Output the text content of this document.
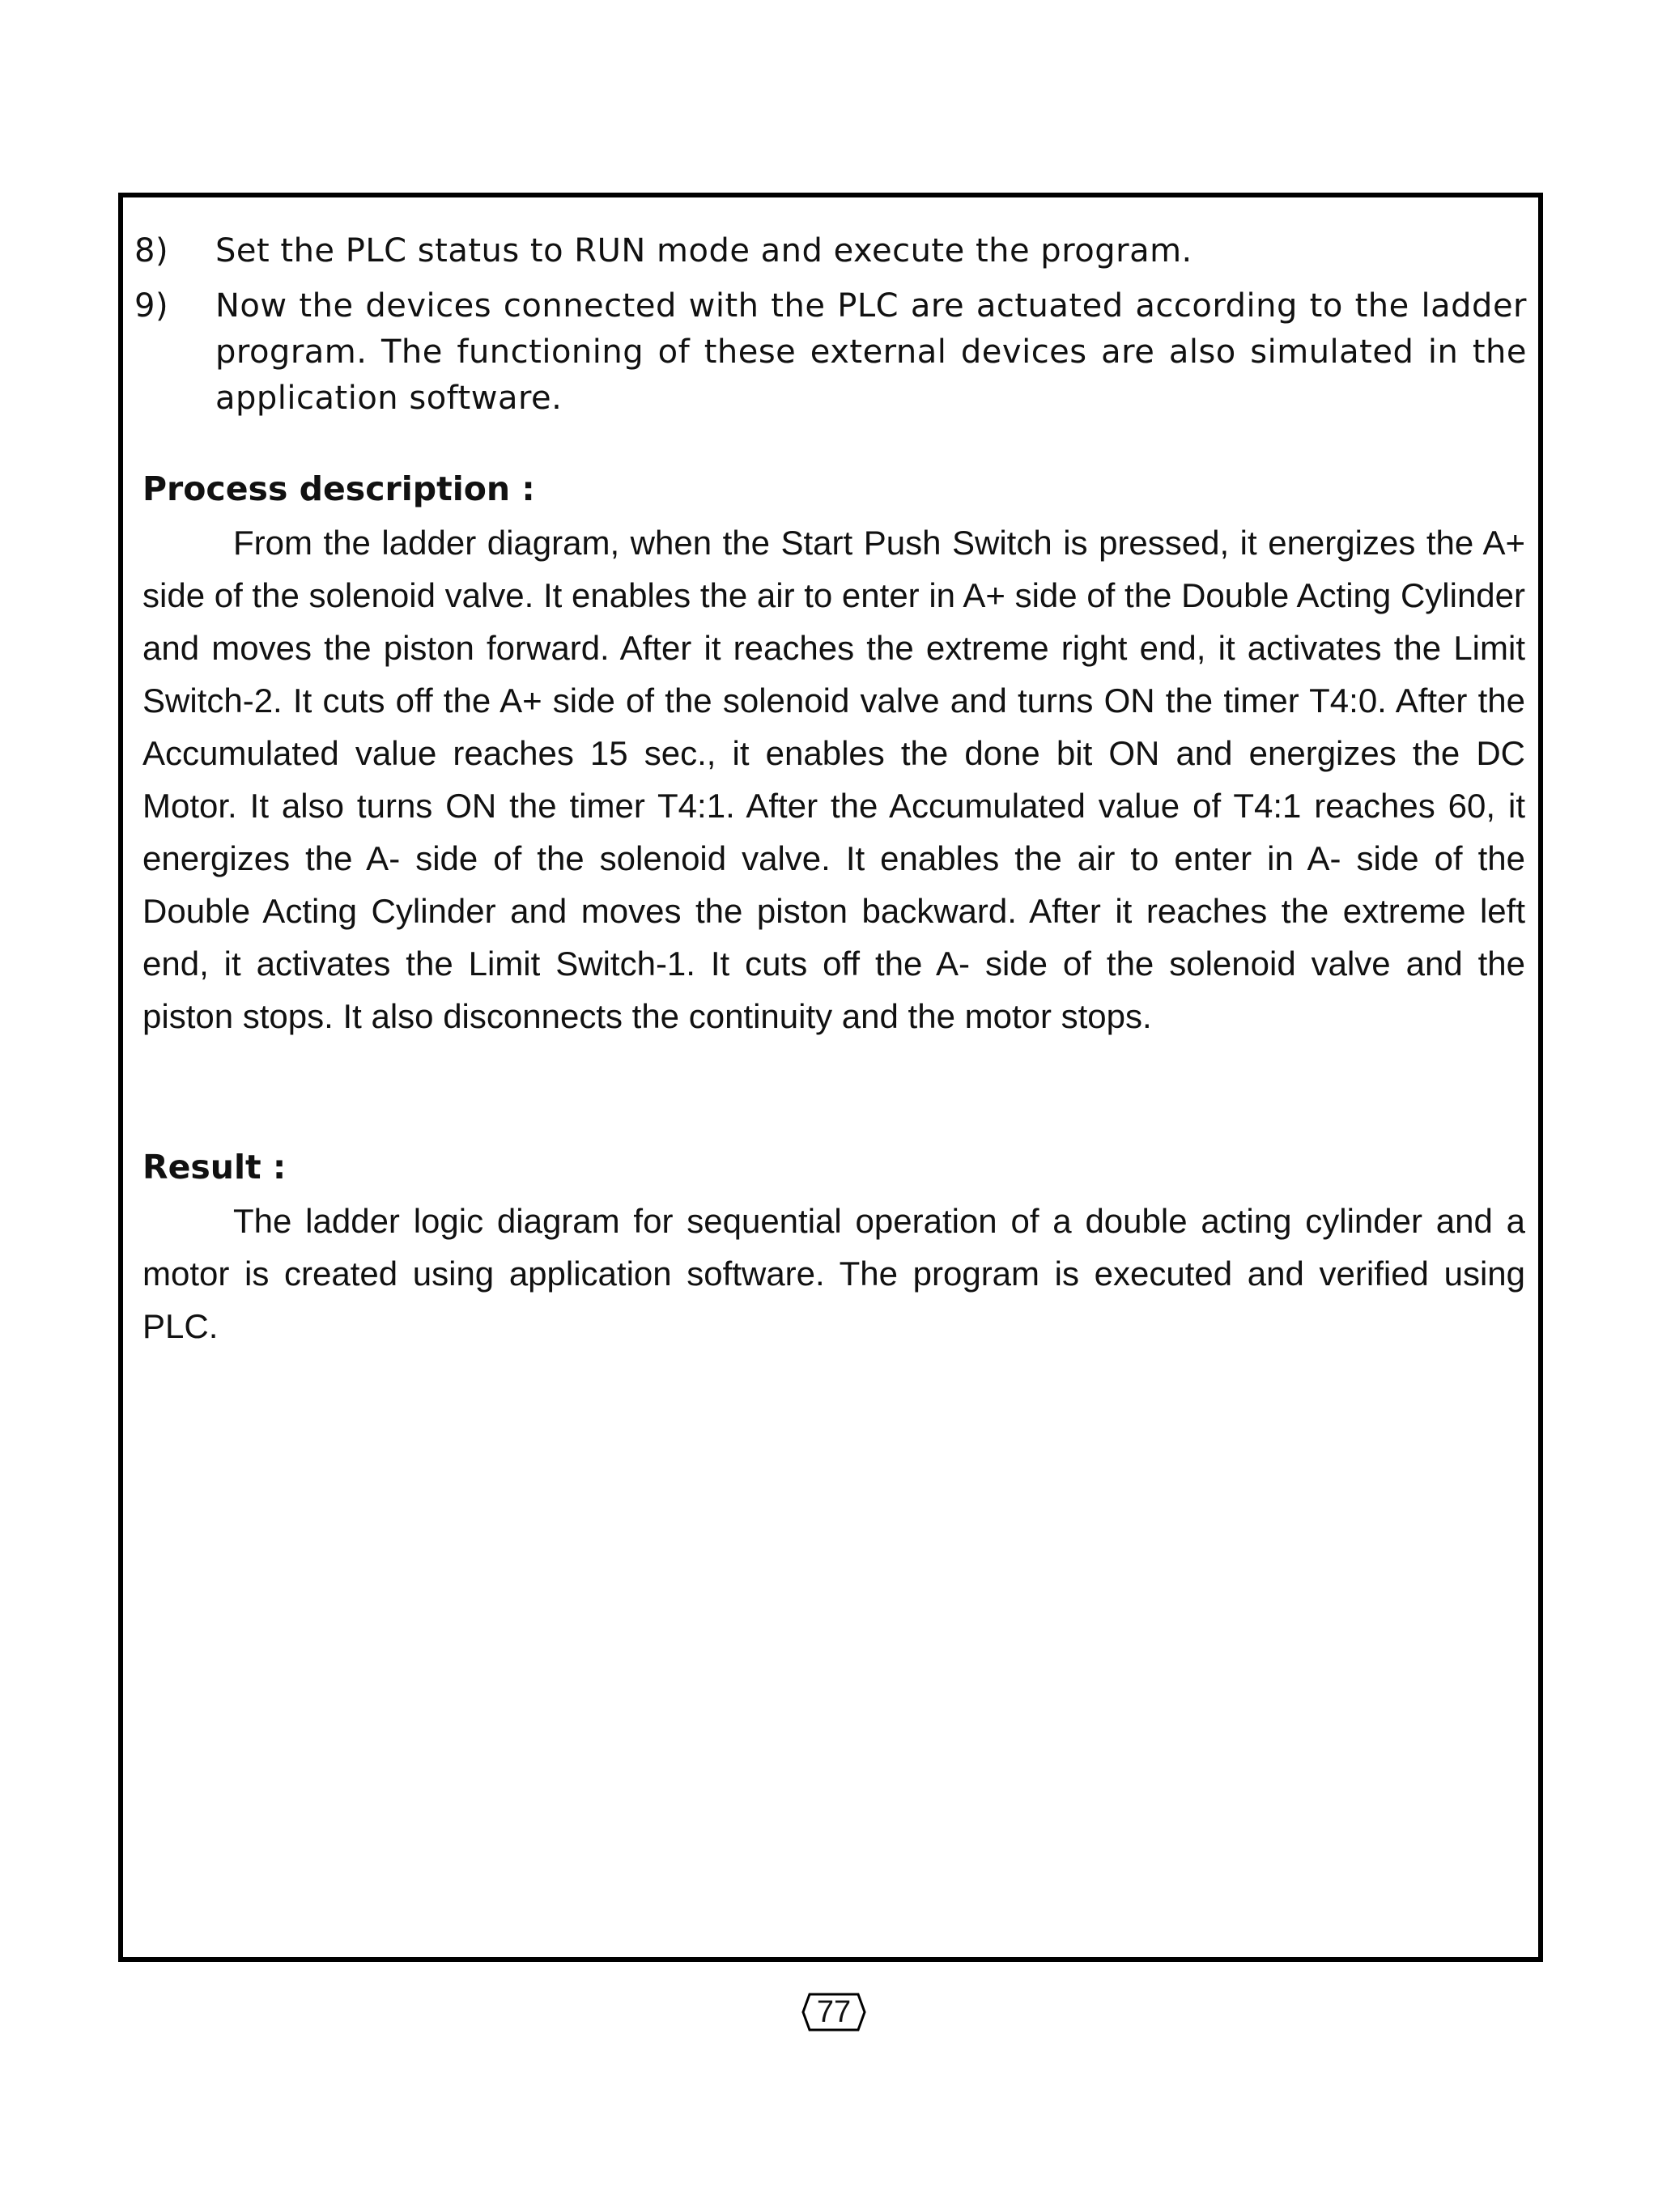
8)	Set the PLC status to RUN mode and execute the program.
9)	Now the devices connected with the PLC are actuated according to the ladder program. The functioning of these external devices are also simulated in the application software.
Process description :
From the ladder diagram, when the Start Push Switch is pressed, it energizes the A+ side of the solenoid valve. It enables the air to enter in A+ side of the Double Acting Cylinder and moves the piston forward. After it reaches the extreme right end, it activates the Limit Switch-2. It cuts off the A+ side of the solenoid valve and turns ON the timer T4:0. After the Accumulated value reaches 15 sec., it enables the done bit ON and energizes the DC Motor. It also turns ON the timer T4:1. After the Accumulated value of T4:1 reaches 60, it energizes the A- side of the solenoid valve. It enables the air to enter in A- side of the Double Acting Cylinder and moves the piston backward. After it reaches the extreme left end, it activates the Limit Switch-1. It cuts off the A- side of the solenoid valve and the piston stops. It also disconnects the continuity and the motor stops.
Result :
The ladder logic diagram for sequential operation of a double acting cylinder and a motor is created using application software. The program is executed and verified using PLC.
77
